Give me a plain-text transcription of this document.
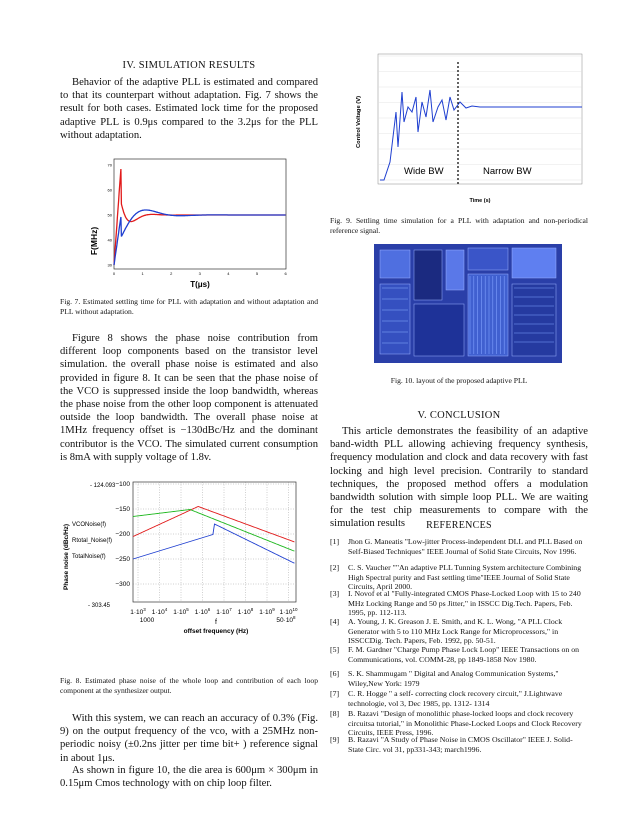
IV. SIMULATION RESULTS
Behavior of the adaptive PLL is estimated and compared to that its counterpart without adaptation. Fig. 7 shows the result for both cases. Estimated lock time for the proposed adaptive PLL is 0.9μs compared to the 3.2μs for the PLL without adaptation.
F(MHz)
70
60
50
40
30
0	1	2	3	4	5	6
T(μs)
Fig. 7. Estimated settling time for PLL with adaptation and without adaptation and PLL without adaptation.
Figure 8 shows the phase noise contribution from different loop components based on the transistor level simulation. the overall phase noise is estimated and also provided in figure 8. It can be seen that the phase noise of the VCO is suppressed inside the loop bandwidth, whereas the phase noise from the other loop component is attenuated outside the loop bandwidth. The overall phase noise at 1MHz frequency offset is −130dBc/Hz and the dominant contributor is the VCO. The simulated current consumption is 8mA with supply voltage of 1.8v.
Phase noise (dBc/Hz)
- 124.093
- 303.45
−100
−150
−200
−250
−300
VCONoise(f)
Rtotal_Noise(f)
TotalNoise(f)
$1\cdot 10^3$ $1\cdot 10^4$ $1\cdot 10^5$ $1\cdot 10^6$ $1\cdot 10^7$ $1\cdot 10^8$ $1\cdot 10^9$ $1\cdot 10^{10}$
1000	$50\cdot 10^8$
f
offset frequency (Hz)
Fig. 8. Estimated phase noise of the whole loop and contribution of each loop component at the synthesizer output.
With this system, we can reach an accuracy of 0.3% (Fig. 9) on the output frequency of the vco, with a 25MHz non-periodic noisy (±0.2ns jitter per time bit+ ) reference signal in about 1μs.
As shown in figure 10, the die area is 600μm × 300μm in 0.15μm Cmos technology with on chip loop filter.
Control Voltage (V)
Wide BW	Narrow BW
Time (s)
Fig. 9. Settling time simulation for a PLL with adaptation and non-periodical reference signal.
Fig. 10. layout of the proposed adaptive PLL
V. CONCLUSION
This article demonstrates the feasibility of an adaptive band-width PLL allowing achieving frequency synthesis, frequency modulation and clock and data recovery with fast locking and high level precision. Contrarily to standard techniques, the proposed method offers a modulation bandwidth solution with simple loop PLL. We are waiting for the test chip measurements to compare with the simulation results	REFERENCES
[1] Jhon G. Maneatis "Low-jitter Process-independent DLL and PLL Based on Self-Biased Techniques" IEEE Journal of Solid State Circuits, Nov 1996.
[2] C. S. Vaucher ""An adaptive PLL Tunning System architecture Combining High Spectral purity and Fast settling time"IEEE Journal of Solid State Circuits, April 2000.
[3] I. Novof et al "Fully-integrated CMOS Phase-Locked Loop with 15 to 240 MHz Locking Range and 50 ps Jitter," in ISSCC Dig.Tech. Papers, Feb. 1995, pp. 112-113.
[4] A. Young, J. K. Greason J. E. Smith, and K. L. Wong, "A PLL Clock Generator with 5 to 110 MHz Lock Range for Microprocessors," in ISSCCDig. Tech. Papers, Feb. 1992, pp. 50-51.
[5] F. M. Gardner "Charge Pump Phase Lock Loop" IEEE Transactions on on Communications, vol. COMM-28, pp 1849-1858 Nov 1980.
[6] S. K. Shammugam " Digital and Analog Communication Systems," Wiley,New York: 1979
[7] C. R. Hogge " a self- correcting clock recovery circuit," J.Lightwave technologie, vol 3, Dec 1985, pp. 1312- 1314
[8] B. Razavi "Design of monolithic phase-locked loops and clock recovery circuitsa tutorial," in Monolithic Phase-Locked Loops and Clock Recovery Circuits, IEEE Press, 1996.
[9] B. Razavi "A Study of Phase Noise in CMOS Oscillator" IEEE J. Solid-State Circ. vol 31, pp331-343; march1996.
